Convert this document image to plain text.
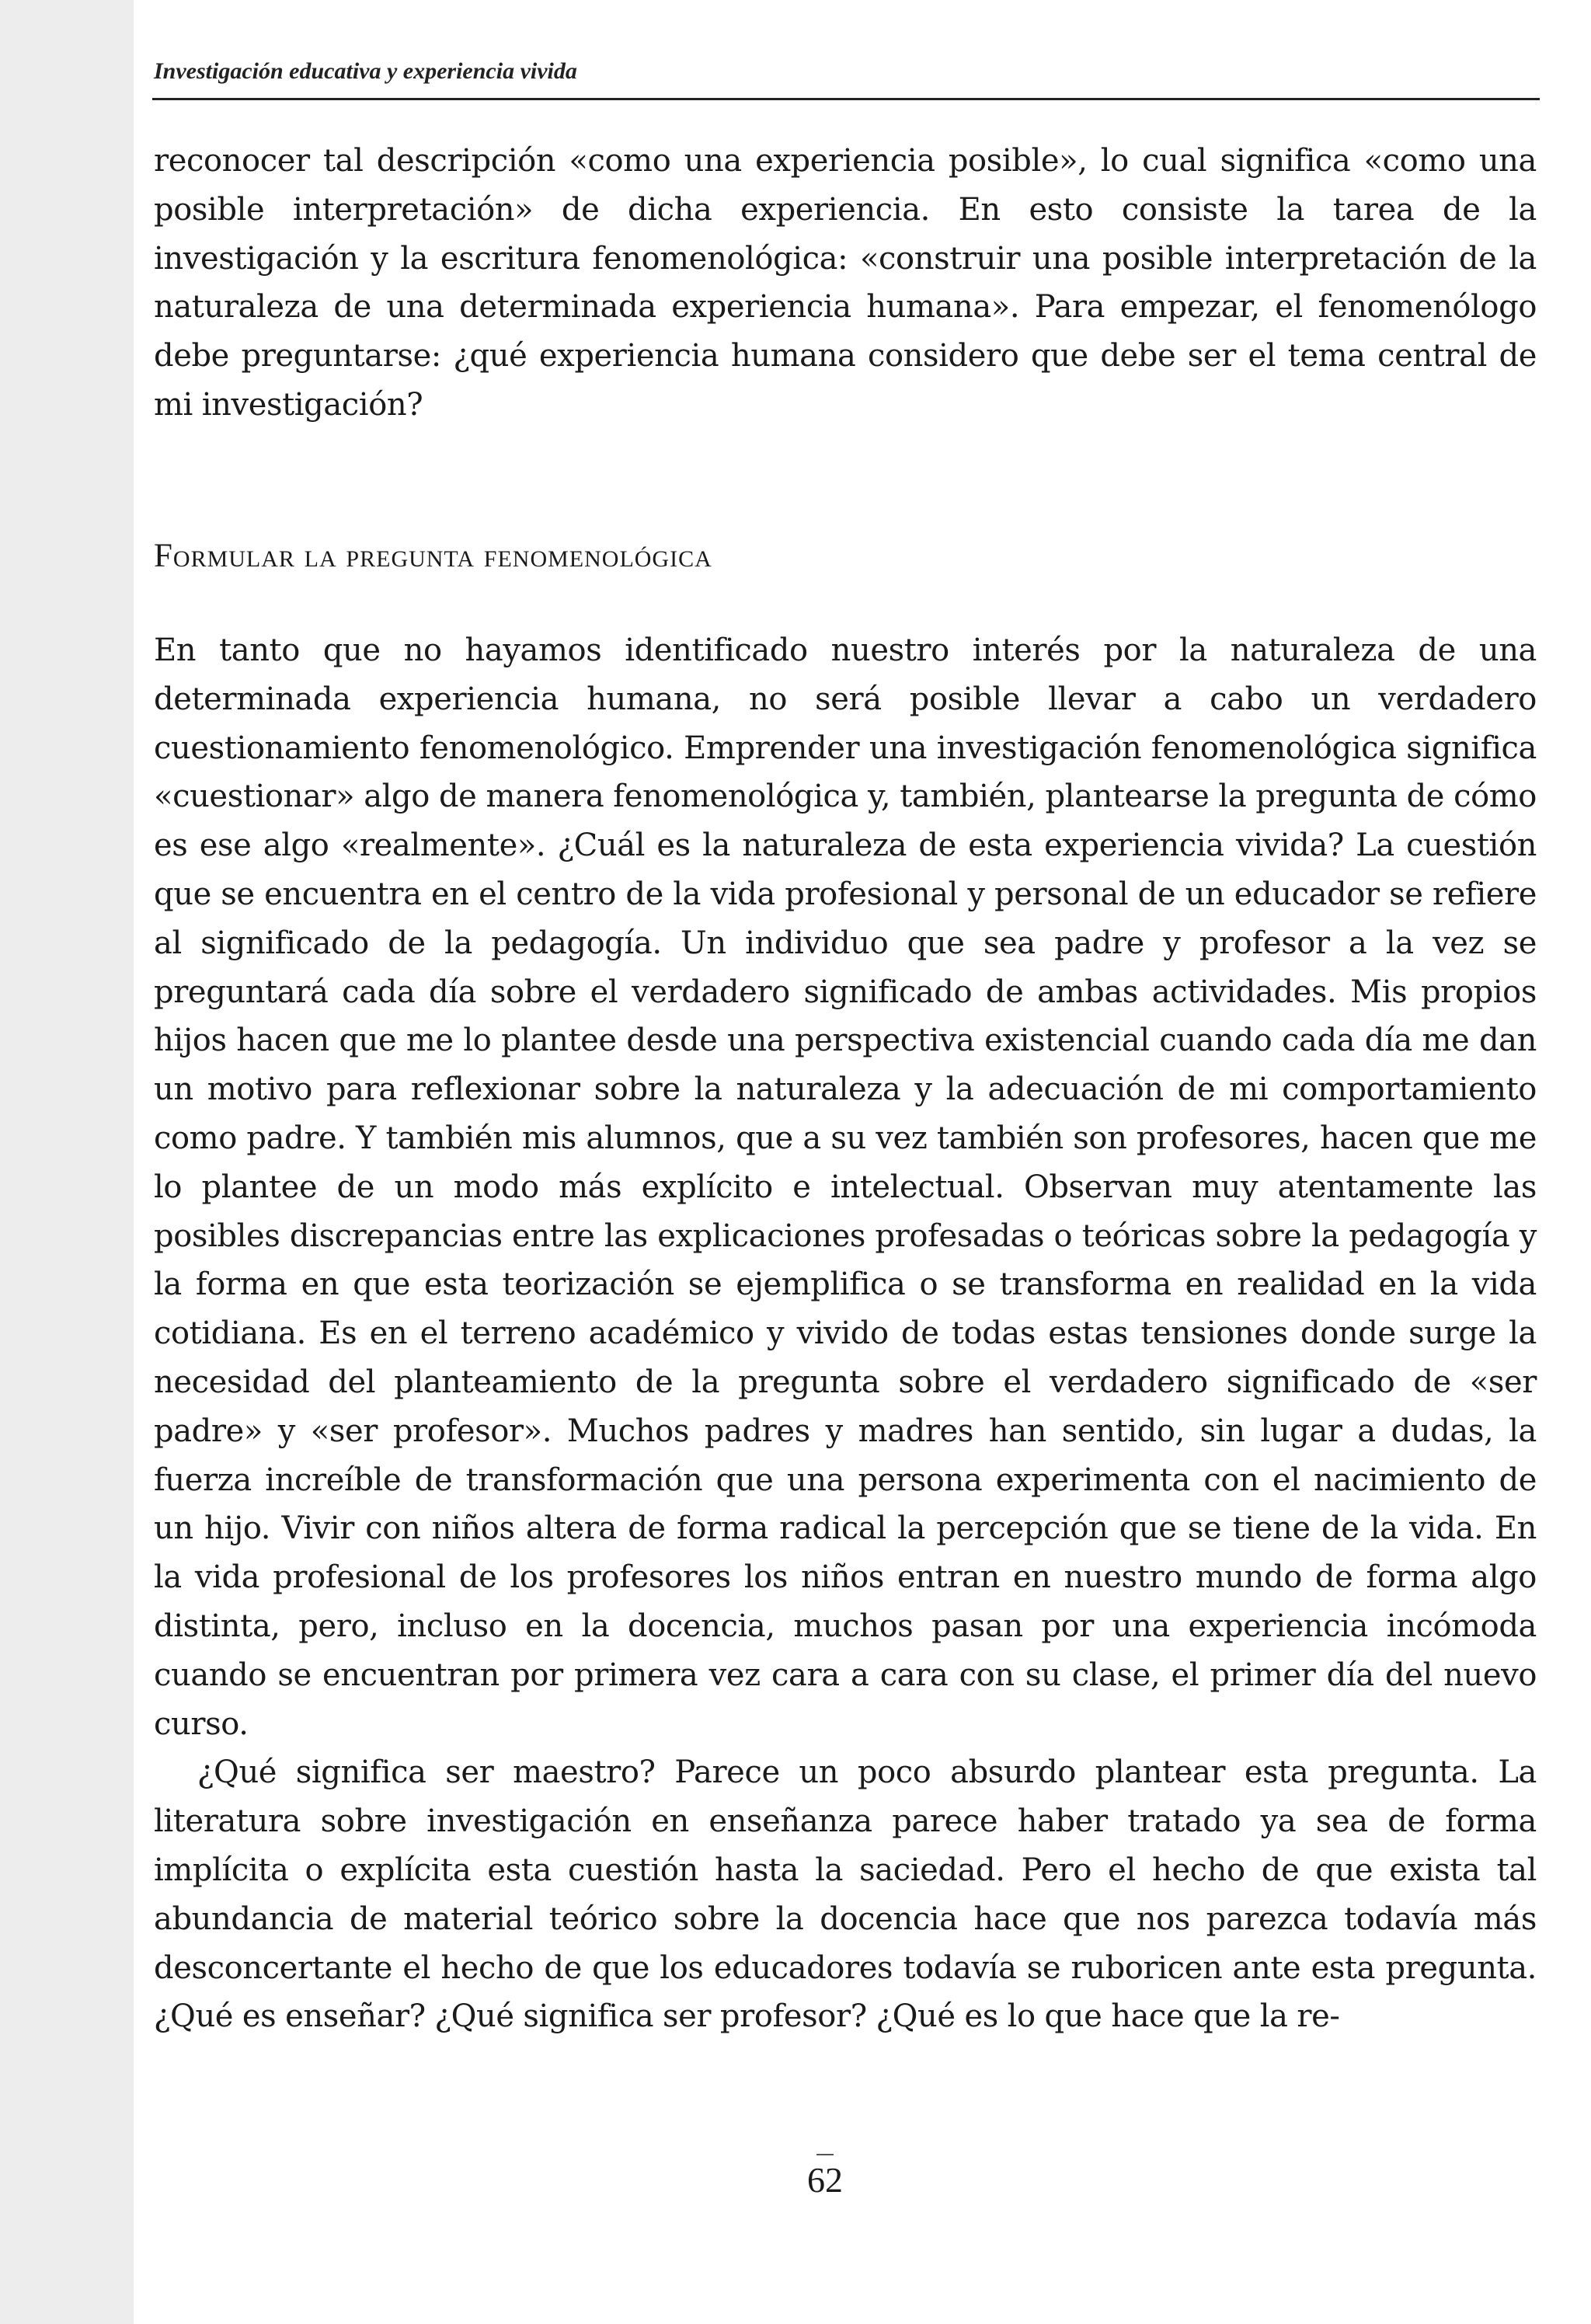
Investigación educativa y experiencia vivida

reconocer tal descripción «como una experiencia posible», lo cual significa «como una posible interpretación» de dicha experiencia. En esto consiste la tarea de la investigación y la escritura fenomenológica: «construir una posible interpretación de la naturaleza de una determinada experiencia humana». Para empezar, el fenomenólogo debe preguntarse: ¿qué experiencia humana considero que debe ser el tema central de mi investigación?

Formular la pregunta fenomenológica

En tanto que no hayamos identificado nuestro interés por la naturaleza de una determinada experiencia humana, no será posible llevar a cabo un verdadero cuestionamiento fenomenológico. Emprender una investigación fenomenológica significa «cuestionar» algo de manera fenomenológica y, también, plantearse la pregunta de cómo es ese algo «realmente». ¿Cuál es la naturaleza de esta experiencia vivida? La cuestión que se encuentra en el centro de la vida profesional y personal de un educador se refiere al significado de la pedagogía. Un individuo que sea padre y profesor a la vez se preguntará cada día sobre el verdadero significado de ambas actividades. Mis propios hijos hacen que me lo plantee desde una perspectiva existencial cuando cada día me dan un motivo para reflexionar sobre la naturaleza y la adecuación de mi comportamiento como padre. Y también mis alumnos, que a su vez también son profesores, hacen que me lo plantee de un modo más explícito e intelectual. Observan muy atentamente las posibles discrepancias entre las explicaciones profesadas o teóricas sobre la pedagogía y la forma en que esta teorización se ejemplifica o se transforma en realidad en la vida cotidiana. Es en el terreno académico y vivido de todas estas tensiones donde surge la necesidad del planteamiento de la pregunta sobre el verdadero significado de «ser padre» y «ser profesor». Muchos padres y madres han sentido, sin lugar a dudas, la fuerza increíble de transformación que una persona experimenta con el nacimiento de un hijo. Vivir con niños altera de forma radical la percepción que se tiene de la vida. En la vida profesional de los profesores los niños entran en nuestro mundo de forma algo distinta, pero, incluso en la docencia, muchos pasan por una experiencia incómoda cuando se encuentran por primera vez cara a cara con su clase, el primer día del nuevo curso.

¿Qué significa ser maestro? Parece un poco absurdo plantear esta pregunta. La literatura sobre investigación en enseñanza parece haber tratado ya sea de forma implícita o explícita esta cuestión hasta la saciedad. Pero el hecho de que exista tal abundancia de material teórico sobre la docencia hace que nos parezca todavía más desconcertante el hecho de que los educadores todavía se ruboricen ante esta pregunta. ¿Qué es enseñar? ¿Qué significa ser profesor? ¿Qué es lo que hace que la re-

62
